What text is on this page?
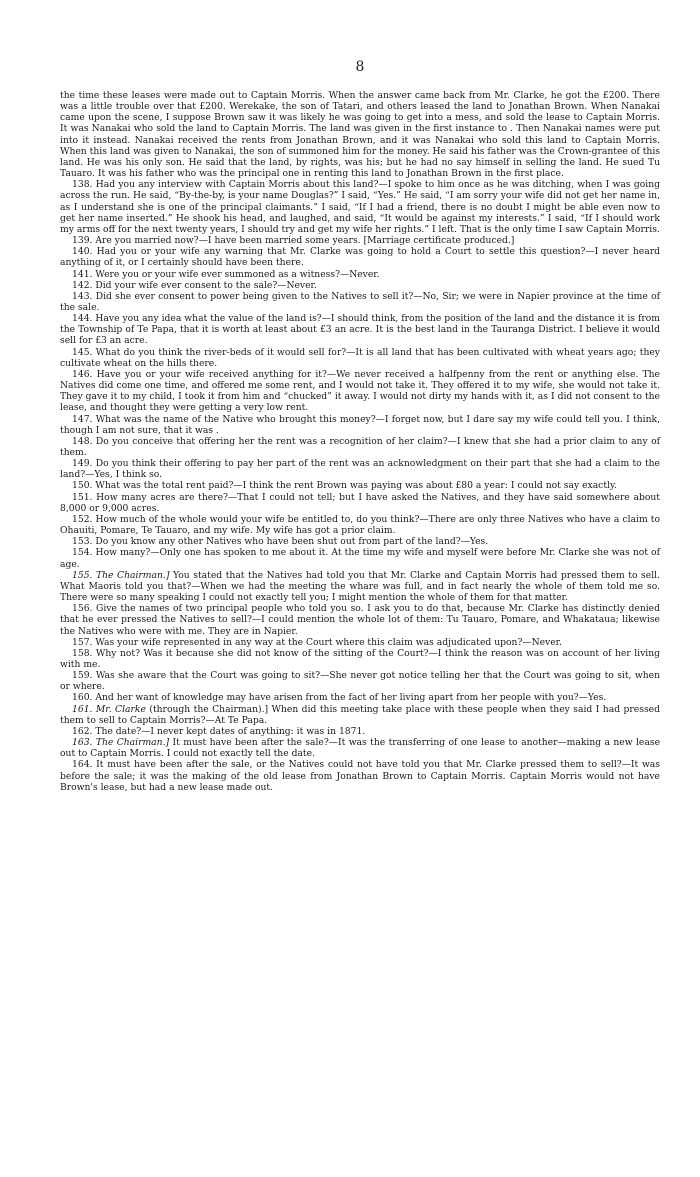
8

the time these leases were made out to Captain Morris. When the answer came back from Mr. Clarke, he got the £200. There was a little trouble over that £200. Werekake, the son of Tatari, and others leased the land to Jonathan Brown. When Nanakai came upon the scene, I suppose Brown saw it was likely he was going to get into a mess, and sold the lease to Captain Morris. It was Nanakai who sold the land to Captain Morris. The land was given in the first instance to . Then Nanakai names were put into it instead. Nanakai received the rents from Jonathan Brown, and it was Nanakai who sold this land to Captain Morris. When this land was given to Nanakai, the son of summoned him for the money. He said his father was the Crown-grantee of this land. He was his only son. He said that the land, by rights, was his; but he had no say himself in selling the land. He sued Tu Tauaro. It was his father who was the principal one in renting this land to Jonathan Brown in the first place.

138. Had you any interview with Captain Morris about this land?—I spoke to him once as he was ditching, when I was going across the run. He said, “By-the-by, is your name Douglas?” I said, “Yes.” He said, “I am sorry your wife did not get her name in, as I understand she is one of the principal claimants.” I said, “If I had a friend, there is no doubt I might be able even now to get her name inserted.” He shook his head, and laughed, and said, “It would be against my interests.” I said, “If I should work my arms off for the next twenty years, I should try and get my wife her rights.” I left. That is the only time I saw Captain Morris.

139. Are you married now?—I have been married some years. [Marriage certificate produced.]

140. Had you or your wife any warning that Mr. Clarke was going to hold a Court to settle this question?—I never heard anything of it, or I certainly should have been there.

141. Were you or your wife ever summoned as a witness?—Never.

142. Did your wife ever consent to the sale?—Never.

143. Did she ever consent to power being given to the Natives to sell it?—No, Sir; we were in Napier province at the time of the sale.

144. Have you any idea what the value of the land is?—I should think, from the position of the land and the distance it is from the Township of Te Papa, that it is worth at least about £3 an acre. It is the best land in the Tauranga District. I believe it would sell for £3 an acre.

145. What do you think the river-beds of it would sell for?—It is all land that has been cultivated with wheat years ago; they cultivate wheat on the hills there.

146. Have you or your wife received anything for it?—We never received a halfpenny from the rent or anything else. The Natives did come one time, and offered me some rent, and I would not take it. They offered it to my wife, she would not take it. They gave it to my child, I took it from him and “chucked” it away. I would not dirty my hands with it, as I did not consent to the lease, and thought they were getting a very low rent.

147. What was the name of the Native who brought this money?—I forget now, but I dare say my wife could tell you. I think, though I am not sure, that it was .

148. Do you conceive that offering her the rent was a recognition of her claim?—I knew that she had a prior claim to any of them.

149. Do you think their offering to pay her part of the rent was an acknowledgment on their part that she had a claim to the land?—Yes, I think so.

150. What was the total rent paid?—I think the rent Brown was paying was about £80 a year: I could not say exactly.

151. How many acres are there?—That I could not tell; but I have asked the Natives, and they have said somewhere about 8,000 or 9,000 acres.

152. How much of the whole would your wife be entitled to, do you think?—There are only three Natives who have a claim to Ohauiti, Pomare, Te Tauaro, and my wife. My wife has got a prior claim.

153. Do you know any other Natives who have been shut out from part of the land?—Yes.

154. How many?—Only one has spoken to me about it. At the time my wife and myself were before Mr. Clarke she was not of age.

155. The Chairman.] You stated that the Natives had told you that Mr. Clarke and Captain Morris had pressed them to sell. What Maoris told you that?—When we had the meeting the whare was full, and in fact nearly the whole of them told me so. There were so many speaking I could not exactly tell you; I might mention the whole of them for that matter.

156. Give the names of two principal people who told you so. I ask you to do that, because Mr. Clarke has distinctly denied that he ever pressed the Natives to sell?—I could mention the whole lot of them: Tu Tauaro, Pomare, and Whakataua; likewise the Natives who were with me. They are in Napier.

157. Was your wife represented in any way at the Court where this claim was adjudicated upon?—Never.

158. Why not? Was it because she did not know of the sitting of the Court?—I think the reason was on account of her living with me.

159. Was she aware that the Court was going to sit?—She never got notice telling her that the Court was going to sit, when or where.

160. And her want of knowledge may have arisen from the fact of her living apart from her people with you?—Yes.

161. Mr. Clarke (through the Chairman).] When did this meeting take place with these people when they said I had pressed them to sell to Captain Morris?—At Te Papa.

162. The date?—I never kept dates of anything: it was in 1871.

163. The Chairman.] It must have been after the sale?—It was the transferring of one lease to another—making a new lease out to Captain Morris. I could not exactly tell the date.

164. It must have been after the sale, or the Natives could not have told you that Mr. Clarke pressed them to sell?—It was before the sale; it was the making of the old lease from Jonathan Brown to Captain Morris. Captain Morris would not have Brown's lease, but had a new lease made out.
